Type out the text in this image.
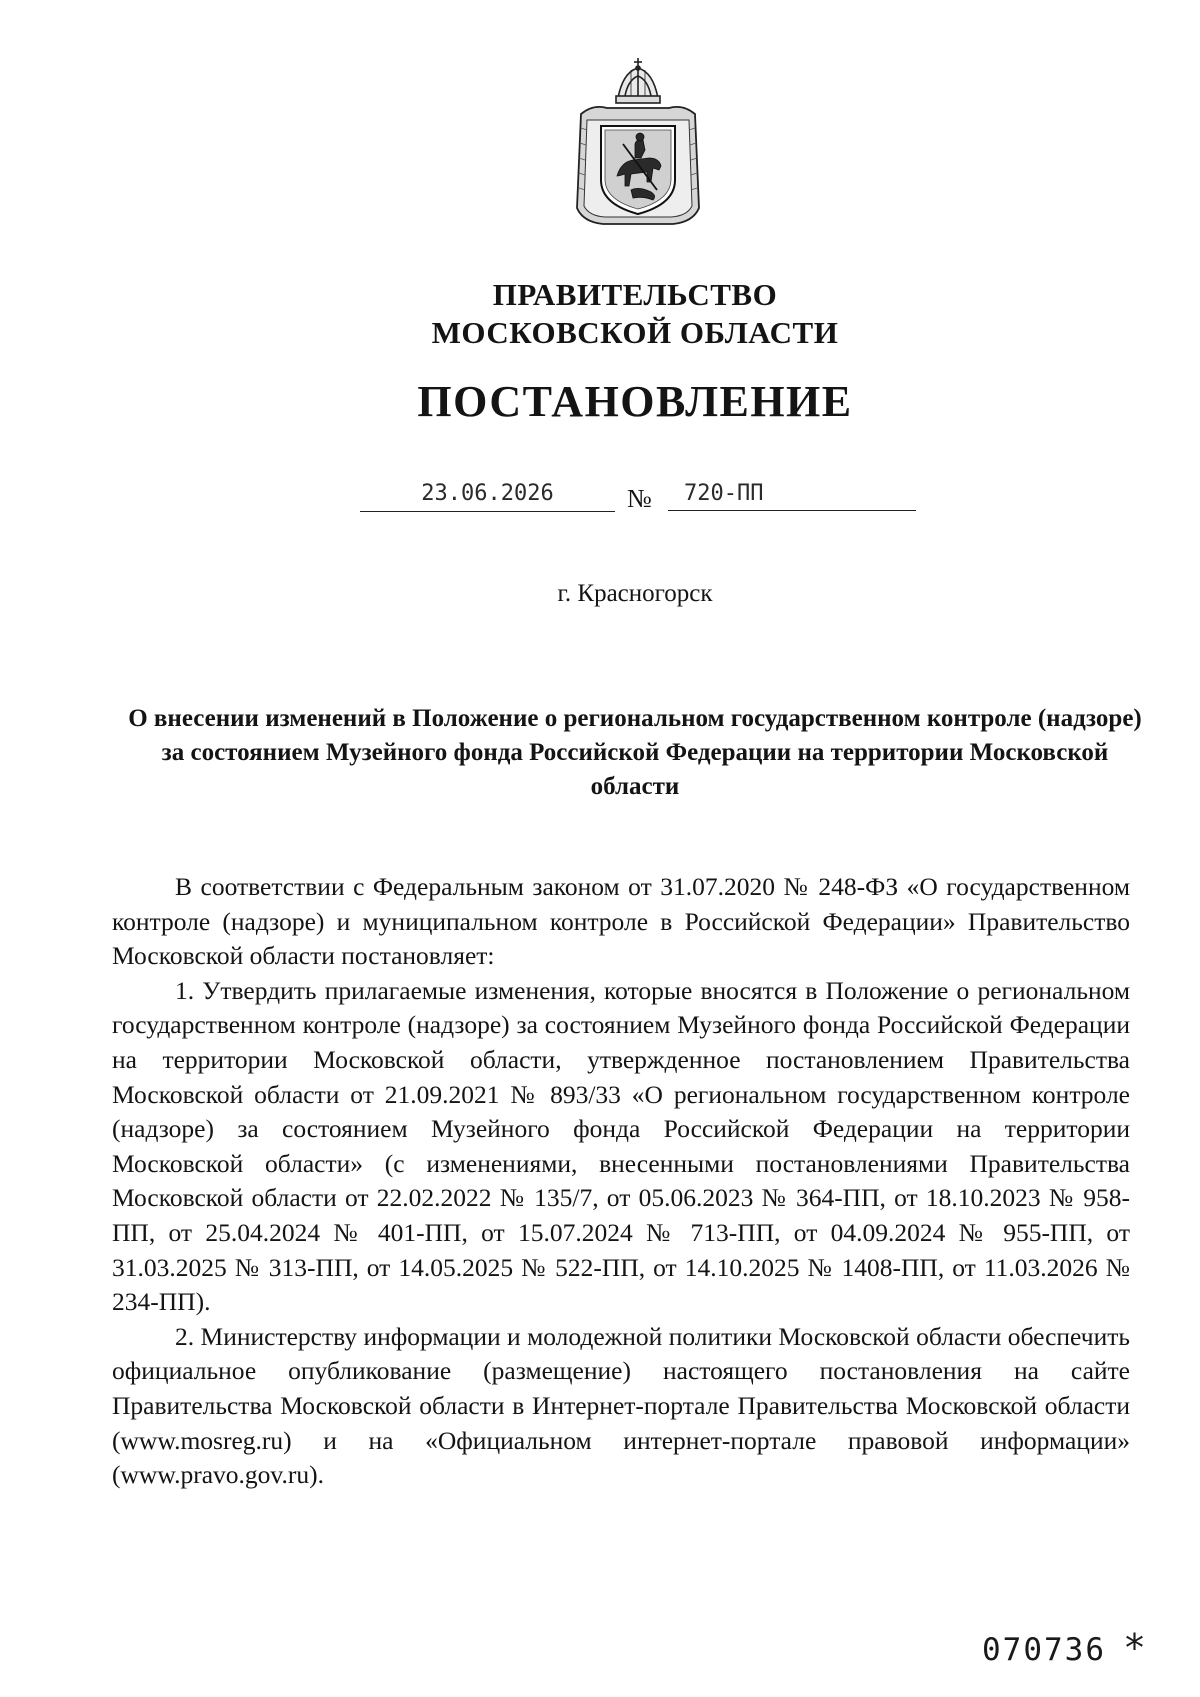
ПРАВИТЕЛЬСТВО
МОСКОВСКОЙ ОБЛАСТИ
ПОСТАНОВЛЕНИЕ
23.06.2026	№	720-ПП
г. Красногорск
О внесении изменений в Положение о региональном государственном контроле (надзоре) за состоянием Музейного фонда Российской Федерации на территории Московской области

В соответствии с Федеральным законом от 31.07.2020 № 248-ФЗ «О государственном контроле (надзоре) и муниципальном контроле в Российской Федерации» Правительство Московской области постановляет:

1. Утвердить прилагаемые изменения, которые вносятся в Положение о региональном государственном контроле (надзоре) за состоянием Музейного фонда Российской Федерации на территории Московской области, утвержденное постановлением Правительства Московской области от 21.09.2021 № 893/33 «О региональном государственном контроле (надзоре) за состоянием Музейного фонда Российской Федерации на территории Московской области» (с изменениями, внесенными постановлениями Правительства Московской области от 22.02.2022 № 135/7, от 05.06.2023 № 364-ПП, от 18.10.2023 № 958-ПП, от 25.04.2024 № 401-ПП, от 15.07.2024 № 713-ПП, от 04.09.2024 № 955-ПП, от 31.03.2025 № 313-ПП, от 14.05.2025 № 522-ПП, от 14.10.2025 № 1408-ПП, от 11.03.2026 № 234-ПП).

2. Министерству информации и молодежной политики Московской области обеспечить официальное опубликование (размещение) настоящего постановления на сайте Правительства Московской области в Интернет-портале Правительства Московской области (www.mosreg.ru) и на «Официальном интернет-портале правовой информации» (www.pravo.gov.ru).

070736 *
